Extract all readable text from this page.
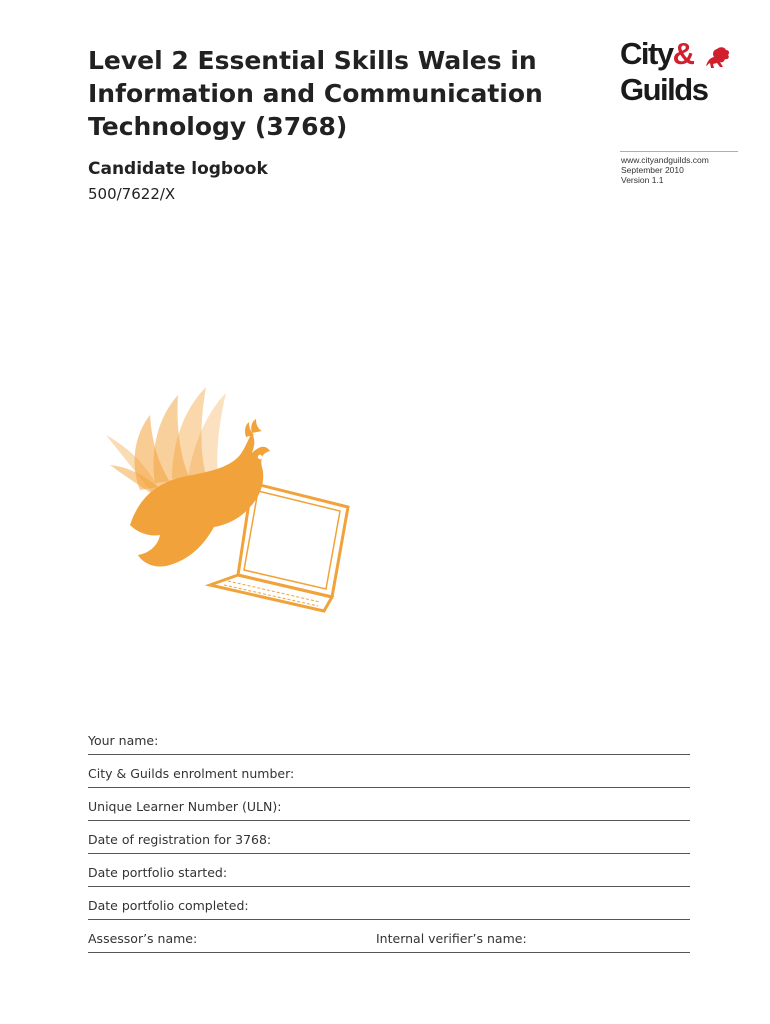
Level 2 Essential Skills Wales in
Information and Communication
Technology (3768)
Candidate logbook
500/7622/X
City&
Guilds
www.cityandguilds.com
September 2010
Version 1.1
Your name:
City & Guilds enrolment number:
Unique Learner Number (ULN):
Date of registration for 3768:
Date portfolio started:
Date portfolio completed:
Assessor’s name:	Internal verifier’s name:
